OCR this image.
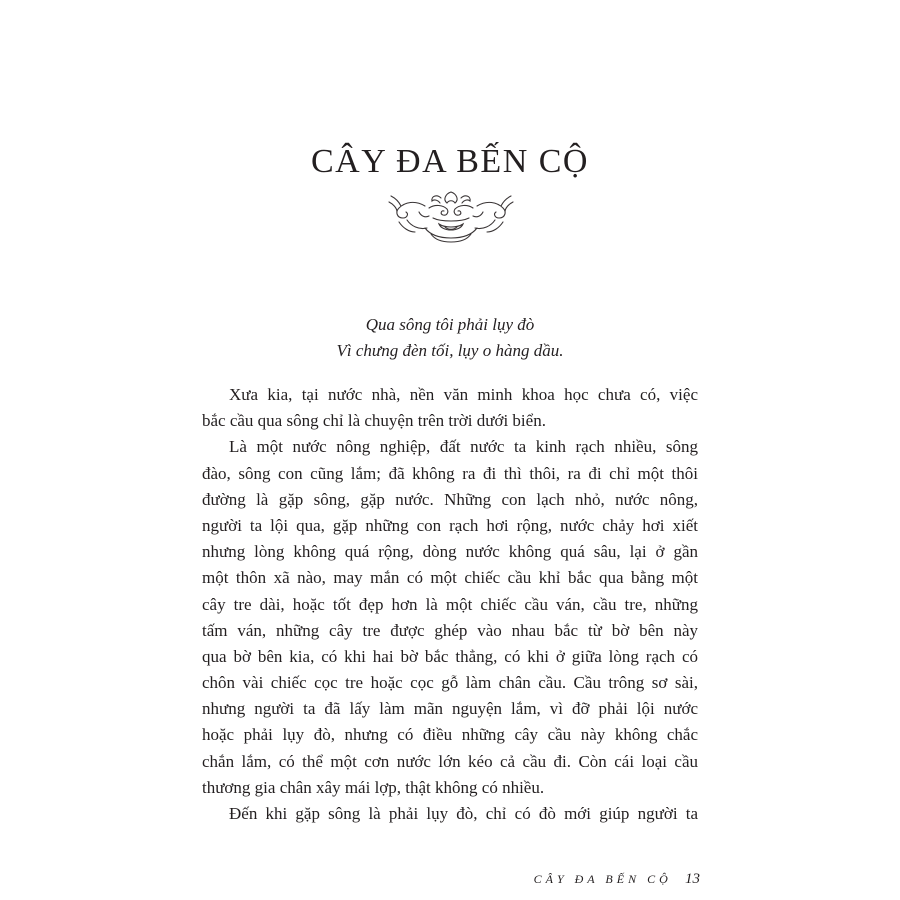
CÂY ĐA BẾN CỘ
Qua sông tôi phải lụy đò
Vì chưng đèn tối, lụy o hàng dầu.
Xưa kia, tại nước nhà, nền văn minh khoa học chưa có, việc
bắc cầu qua sông chỉ là chuyện trên trời dưới biển.
Là một nước nông nghiệp, đất nước ta kinh rạch nhiều, sông
đào, sông con cũng lắm; đã không ra đi thì thôi, ra đi chỉ một thôi
đường là gặp sông, gặp nước. Những con lạch nhỏ, nước nông,
người ta lội qua, gặp những con rạch hơi rộng, nước chảy hơi xiết
nhưng lòng không quá rộng, dòng nước không quá sâu, lại ở gần
một thôn xã nào, may mắn có một chiếc cầu khỉ bắc qua bằng một
cây tre dài, hoặc tốt đẹp hơn là một chiếc cầu ván, cầu tre, những
tấm ván, những cây tre được ghép vào nhau bắc từ bờ bên này
qua bờ bên kia, có khi hai bờ bắc thẳng, có khi ở giữa lòng rạch có
chôn vài chiếc cọc tre hoặc cọc gỗ làm chân cầu. Cầu trông sơ sài,
nhưng người ta đã lấy làm mãn nguyện lắm, vì đỡ phải lội nước
hoặc phải lụy đò, nhưng có điều những cây cầu này không chắc
chắn lắm, có thể một cơn nước lớn kéo cả cầu đi. Còn cái loại cầu
thương gia chân xây mái lợp, thật không có nhiều.
Đến khi gặp sông là phải lụy đò, chỉ có đò mới giúp người ta
CÂY ĐA BẾN CỘ 13
